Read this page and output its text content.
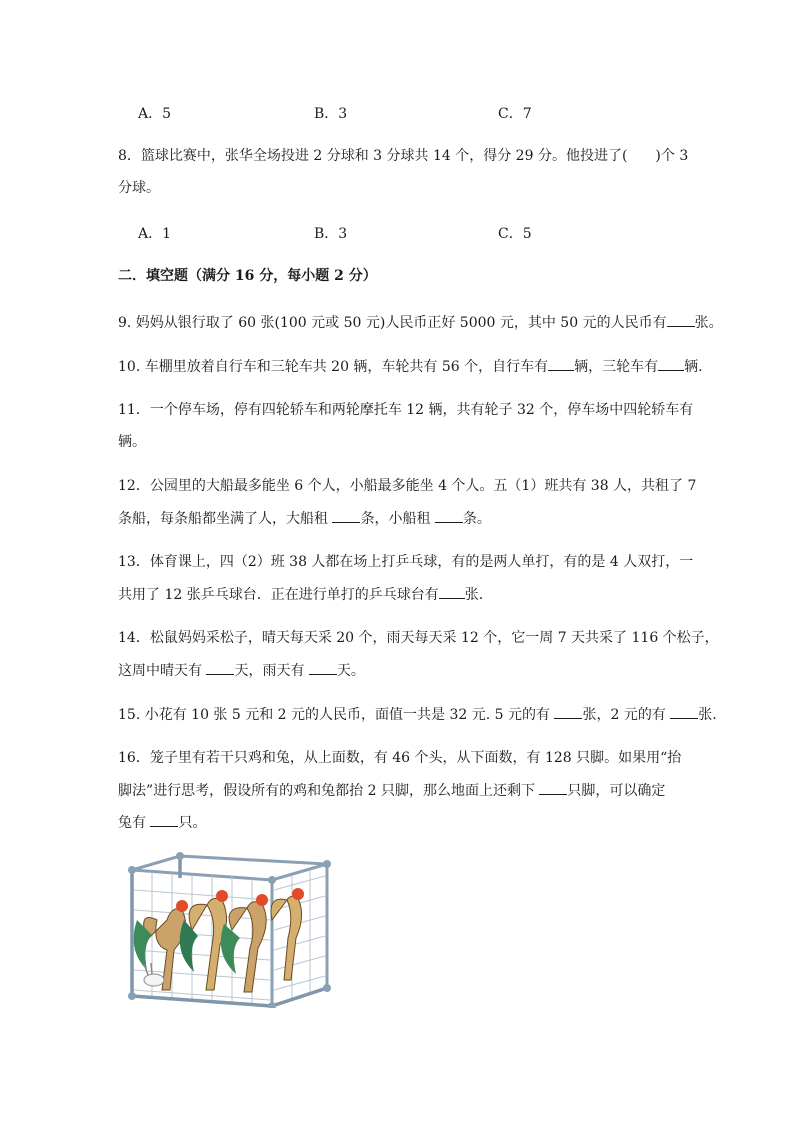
A．5	B．3	C．7
8．篮球比赛中，张华全场投进 2 分球和 3 分球共 14 个，得分 29 分。他投进了(　　)个 3
分球。
A．1	B．3	C．5
二．填空题（满分 16 分，每小题 2 分）
9. 妈妈从银行取了 60 张(100 元或 50 元)人民币正好 5000 元，其中 50 元的人民币有 张。
10. 车棚里放着自行车和三轮车共 20 辆，车轮共有 56 个，自行车有 辆，三轮车有 辆.
11．一个停车场，停有四轮轿车和两轮摩托车 12 辆，共有轮子 32 个，停车场中四轮轿车有
辆。
12．公园里的大船最多能坐 6 个人，小船最多能坐 4 个人。五（1）班共有 38 人，共租了 7
条船，每条船都坐满了人，大船租 条，小船租 条。
13．体育课上，四（2）班 38 人都在场上打乒乓球，有的是两人单打，有的是 4 人双打，一
共用了 12 张乒乓球台．正在进行单打的乒乓球台有 张.
14．松鼠妈妈采松子，晴天每天采 20 个，雨天每天采 12 个，它一周 7 天共采了 116 个松子，
这周中晴天有 天，雨天有 天。
15. 小花有 10 张 5 元和 2 元的人民币，面值一共是 32 元. 5 元的有 张，2 元的有 张.
16．笼子里有若干只鸡和兔，从上面数，有 46 个头，从下面数，有 128 只脚。如果用“抬
脚法”进行思考，假设所有的鸡和兔都抬 2 只脚，那么地面上还剩下 只脚，可以确定
兔有 只。
